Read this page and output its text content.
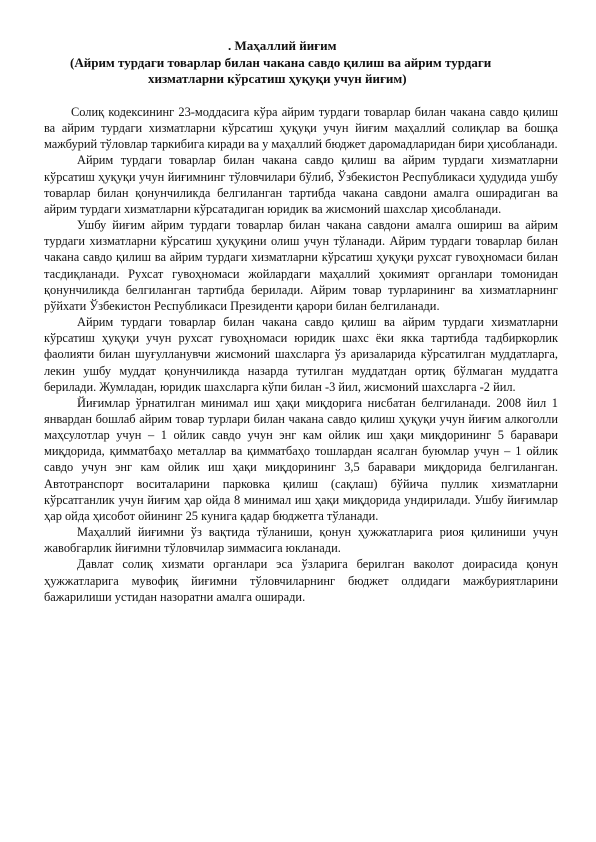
. Маҳаллий йиғим
(Айрим турдаги товарлар билан чакана савдо қилиш ва айрим турдаги
хизматларни кўрсатиш ҳуқуқи учун йиғим)

Солиқ кодексининг 23-моддасига кўра айрим турдаги товарлар билан чакана савдо қилиш ва айрим турдаги хизматларни кўрсатиш ҳуқуқи учун йиғим маҳаллий солиқлар ва бошқа мажбурий тўловлар таркибига киради ва у маҳаллий бюджет даромадларидан бири ҳисобланади.

Айрим турдаги товарлар билан чакана савдо қилиш ва айрим турдаги хизматларни кўрсатиш ҳуқуқи учун йиғимнинг тўловчилари бўлиб, Ўзбекистон Республикаси ҳудудида ушбу товарлар билан қонунчиликда белгиланган тартибда чакана савдони амалга оширадиган ва айрим турдаги хизматларни кўрсатадиган юридик ва жисмоний шахслар ҳисобланади.

Ушбу йиғим айрим турдаги товарлар билан чакана савдони амалга ошириш ва айрим турдаги хизматларни кўрсатиш ҳуқуқини олиш учун тўланади. Айрим турдаги товарлар билан чакана савдо қилиш ва айрим турдаги хизматларни кўрсатиш ҳуқуқи рухсат гувоҳномаси билан тасдиқланади. Рухсат гувоҳномаси жойлардаги маҳаллий ҳокимият органлари томонидан қонунчиликда белгиланган тартибда берилади. Айрим товар турларининг ва хизматларнинг рўйхати Ўзбекистон Республикаси Президенти қарори билан белгиланади.

Айрим турдаги товарлар билан чакана савдо қилиш ва айрим турдаги хизматларни кўрсатиш ҳуқуқи учун рухсат гувоҳномаси юридик шахс ёки якка тартибда тадбиркорлик фаолияти билан шуғулланувчи жисмоний шахсларга ўз аризаларида кўрсатилган муддатларга, лекин ушбу муддат қонунчиликда назарда тутилган муддатдан ортиқ бўлмаган муддатга берилади. Жумладан, юридик шахсларга кўпи билан -3 йил, жисмоний шахсларга -2 йил.

Йиғимлар ўрнатилган минимал иш ҳақи миқдорига нисбатан белгиланади. 2008 йил 1 январдан бошлаб айрим товар турлари билан чакана савдо қилиш ҳуқуқи учун йиғим алкоголли маҳсулотлар учун – 1 ойлик савдо учун энг кам ойлик иш ҳақи миқдорининг 5 баравари миқдорида, қимматбаҳо металлар ва қимматбаҳо тошлардан ясалган буюмлар учун – 1 ойлик савдо учун энг кам ойлик иш ҳақи миқдорининг 3,5 баравари миқдорида белгиланган. Автотранспорт воситаларини парковка қилиш (сақлаш) бўйича пуллик хизматларни кўрсатганлик учун йиғим ҳар ойда 8 минимал иш ҳақи миқдорида ундирилади. Ушбу йиғимлар ҳар ойда ҳисобот ойининг 25 кунига қадар бюджетга тўланади.

Маҳаллий йиғимни ўз вақтида тўланиши, қонун ҳужжатларига риоя қилиниши учун жавобгарлик йиғимни тўловчилар зиммасига юкланади.

Давлат солиқ хизмати органлари эса ўзларига берилган ваколот доирасида қонун ҳужжатларига мувофиқ йиғимни тўловчиларнинг бюджет олдидаги мажбуриятларини бажарилиши устидан назоратни амалга оширади.
